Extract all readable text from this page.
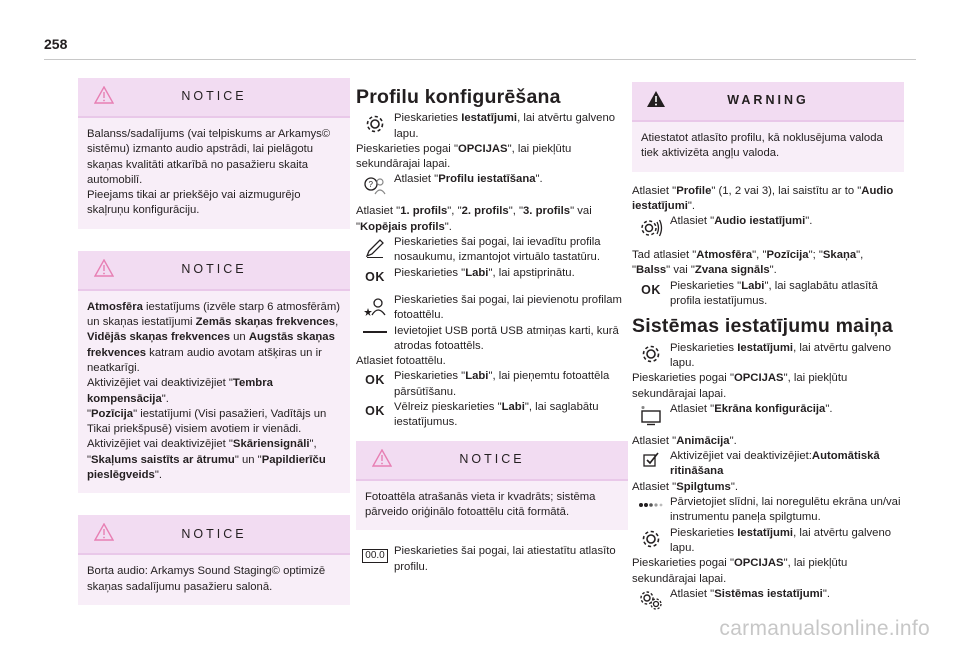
258
NOTICE
Balanss/sadalījums (vai telpiskums ar Arkamys© sistēmu) izmanto audio apstrādi, lai pielāgotu skaņas kvalitāti atkarībā no pasažieru skaita automobilī.
Pieejams tikai ar priekšējo vai aizmugurējo skaļruņu konfigurāciju.
NOTICE

Atmosfēra iestatījums (izvēle starp 6 atmosfērām) un skaņas iestatījumi Zemās skaņas frekvences, Vidējās skaņas frekvences un Augstās skaņas frekvences katram audio avotam atšķiras un ir neatkarīgi.

Aktivizējiet vai deaktivizējiet "Tembra kompensācija".

"Pozīcija" iestatījumi (Visi pasažieri, Vadītājs un Tikai priekšpusē) visiem avotiem ir vienādi.

Aktivizējiet vai deaktivizējiet "Skāriensignāli", "Skaļums saistīts ar ātrumu" un "Papildierīču pieslēgveids".

NOTICE
Borta audio: Arkamys Sound Staging© optimizē skaņas sadalījumu pasažieru salonā.
Profilu konfigurēšana

Pieskarieties Iestatījumi, lai atvērtu galveno lapu.

Pieskarieties pogai "OPCIJAS", lai piekļūtu sekundārajai lapai.

? Atlasiet "Profilu iestatīšana".

Atlasiet "1. profils", "2. profils", "3. profils" vai "Kopējais profils".

Pieskarieties šai pogai, lai ievadītu profila nosaukumu, izmantojot virtuālo tastatūru.

OK Pieskarieties "Labi", lai apstiprinātu.

Pieskarieties šai pogai, lai pievienotu profilam fotoattēlu.

Ievietojiet USB portā USB atmiņas karti, kurā atrodas fotoattēls.

Atlasiet fotoattēlu.

OK Pieskarieties "Labi", lai pieņemtu fotoattēla pārsūtīšanu.

OK Vēlreiz pieskarieties "Labi", lai saglabātu iestatījumus.

NOTICE
Fotoattēla atrašanās vieta ir kvadrāts; sistēma pārveido oriģinālo fotoattēlu citā formātā.
00.0 Pieskarieties šai pogai, lai atiestatītu atlasīto profilu.

WARNING
Atiestatot atlasīto profilu, kā noklusējuma valoda tiek aktivizēta angļu valoda.

Atlasiet "Profile" (1, 2 vai 3), lai saistītu ar to "Audio iestatījumi".

Atlasiet "Audio iestatījumi".

Tad atlasiet "Atmosfēra", "Pozīcija"; "Skaņa", "Balss" vai "Zvana signāls".

OK Pieskarieties "Labi", lai saglabātu atlasītā profila iestatījumus.

Sistēmas iestatījumu maiņa

Pieskarieties Iestatījumi, lai atvērtu galveno lapu.

Pieskarieties pogai "OPCIJAS", lai piekļūtu sekundārajai lapai.

Atlasiet "Ekrāna konfigurācija".

Atlasiet "Animācija".

Aktivizējiet vai deaktivizējiet:Automātiskā ritināšana

Atlasiet "Spilgtums".

Pārvietojiet slīdni, lai noregulētu ekrāna un/vai instrumentu paneļa spilgtumu.

Pieskarieties Iestatījumi, lai atvērtu galveno lapu.

Pieskarieties pogai "OPCIJAS", lai piekļūtu sekundārajai lapai.

Atlasiet "Sistēmas iestatījumi".

carmanualsonline.info
